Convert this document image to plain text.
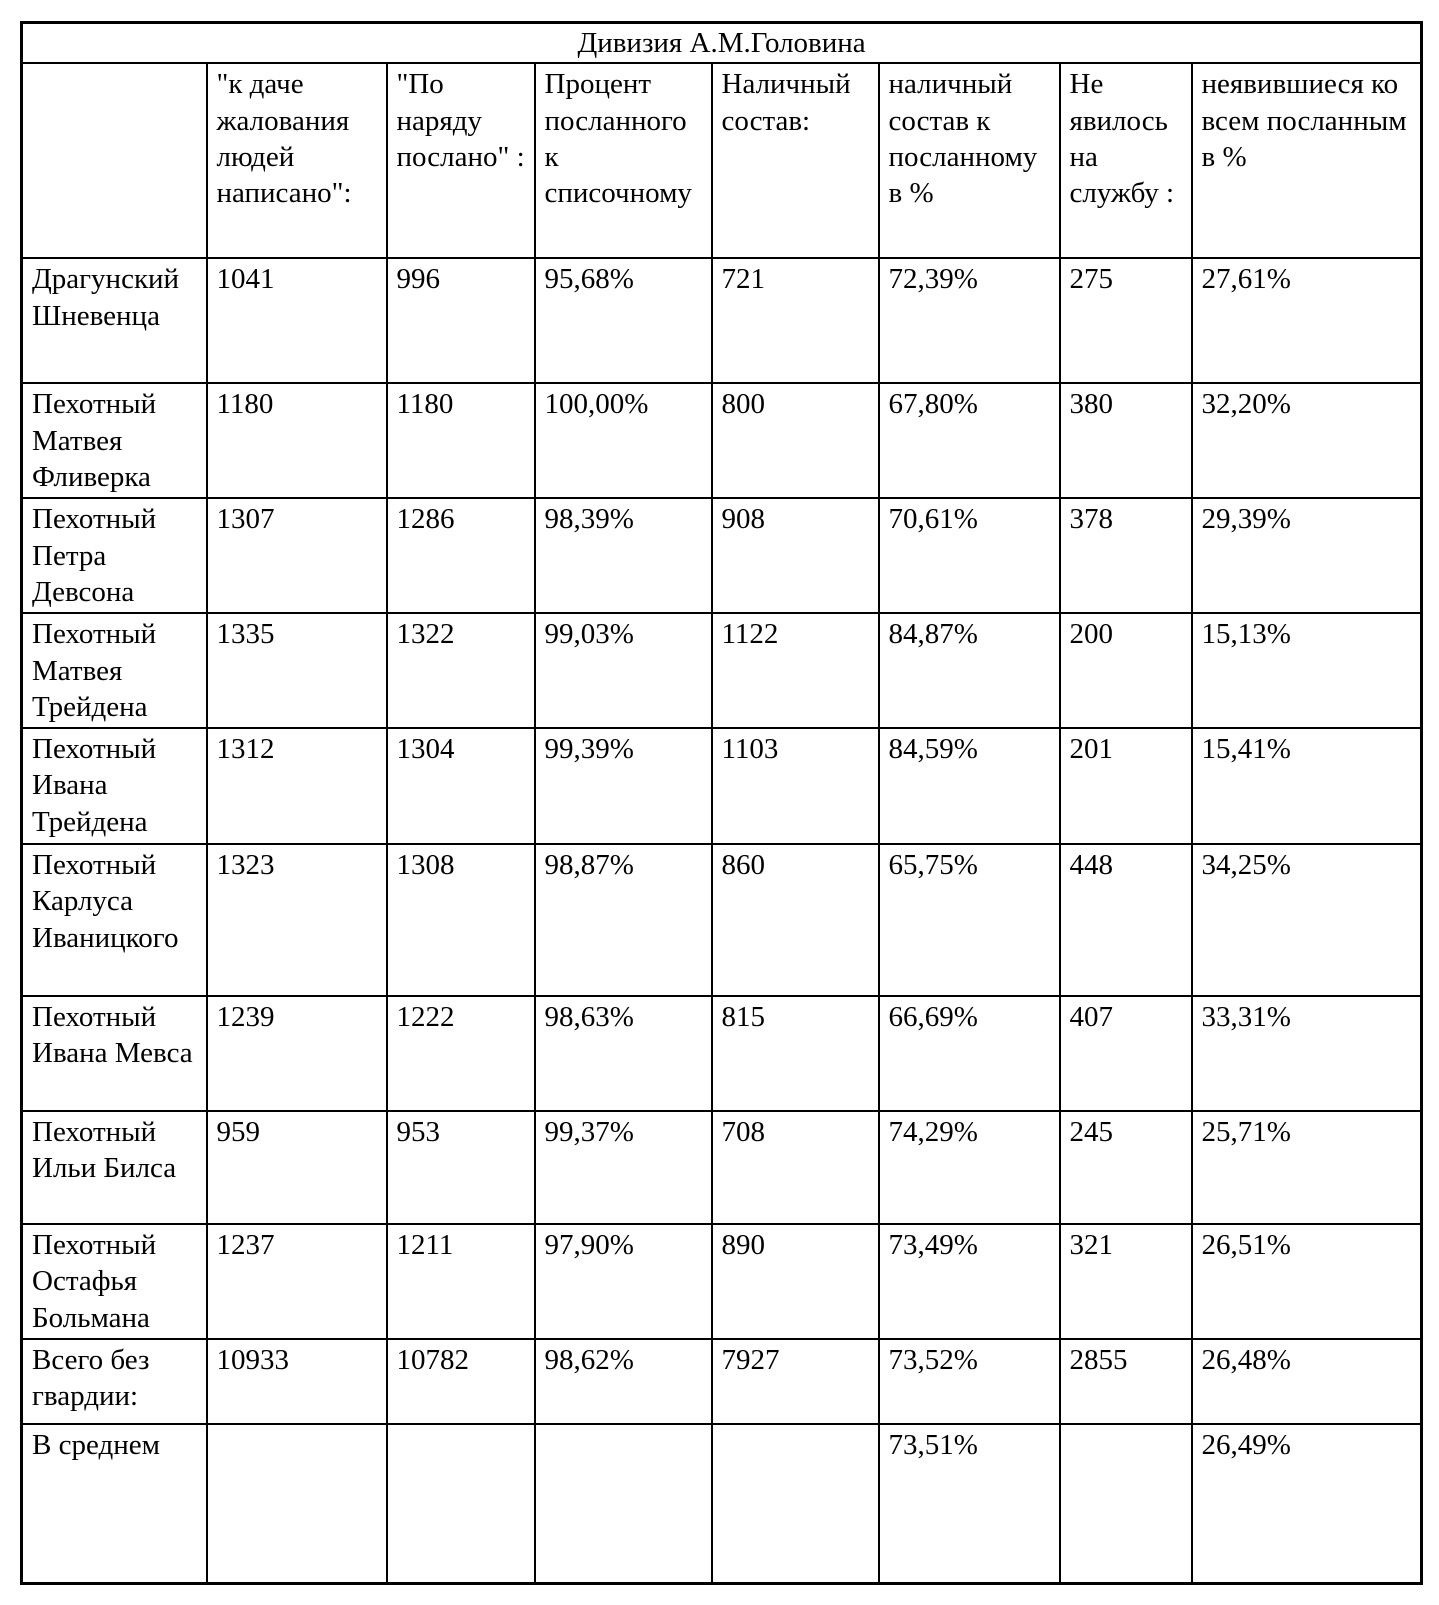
Дивизия А.М.Головина							
	"к даче жалования людей написано":	"По наряду послано" :	Процент посланного к списочному	Наличный состав:	наличный состав к посланному в %	Не явилось на службу :	неявившиеся ко всем посланным в %
Драгунский Шневенца	1041	996	95,68%	721	72,39%	275	27,61%
Пехотный Матвея Фливерка	1180	1180	100,00%	800	67,80%	380	32,20%
Пехотный Петра Девсона	1307	1286	98,39%	908	70,61%	378	29,39%
Пехотный Матвея Трейдена	1335	1322	99,03%	1122	84,87%	200	15,13%
Пехотный Ивана Трейдена	1312	1304	99,39%	1103	84,59%	201	15,41%
Пехотный Карлуса Иваницкого	1323	1308	98,87%	860	65,75%	448	34,25%
Пехотный Ивана Мевса	1239	1222	98,63%	815	66,69%	407	33,31%
Пехотный Ильи Билса	959	953	99,37%	708	74,29%	245	25,71%
Пехотный Остафья Больмана	1237	1211	97,90%	890	73,49%	321	26,51%
Всего без гвардии:	10933	10782	98,62%	7927	73,52%	2855	26,48%
В среднем					73,51%		26,49%
